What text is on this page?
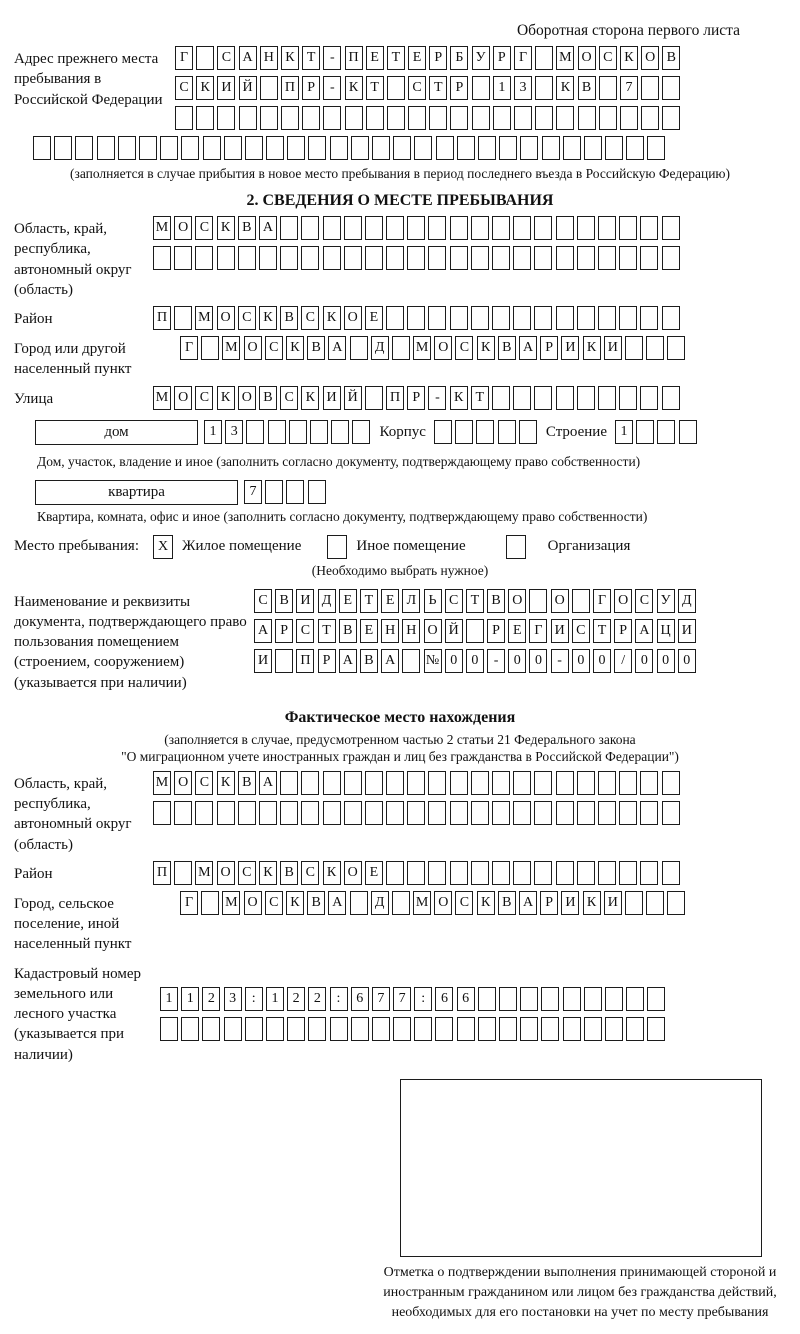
Оборотная сторона первого листа
Адрес прежнего места пребывания в Российской Федерации
Г	С А Н К Т	- П Е Т Е Р Б У Р Г	М О С К О В
С К И Й П Р	-	К Т	С Т Р	1	3	К В	7
(заполняется в случае прибытия в новое место пребывания в период последнего въезда в Российскую Федерацию)
2. СВЕДЕНИЯ О МЕСТЕ ПРЕБЫВАНИЯ
Область, край, республика, автономный округ (область)
М О С К В А
Район	П М О С К В С К О Е
Город или другой населенный пункт
Г	М О С К В А	Д	М О С К В А Р И К И
Улица	М О С К О В С К И Й П Р	-	К Т
дом	1	3	Корпус	Строение 1
Дом, участок, владение и иное (заполнить согласно документу, подтверждающему право собственности)
квартира	7
Квартира, комната, офис и иное (заполнить согласно документу, подтверждающему право собственности)
Место пребывания:	X Жилое помещение	Иное помещение	Организация
(Необходимо выбрать нужное)
Наименование и реквизиты документа, подтверждающего право пользования помещением (строением, сооружением) (указывается при наличии)
С В И Д Е Т Е Л Ь С Т В О О	Г О С У Д
А Р С Т В Е Н Н О Й	Р Е Г И С Т Р А Ц И
И П Р А В А № 0	0	-	0	0	-	0	0	/	0	0	0
Фактическое место нахождения
(заполняется в случае, предусмотренном частью 2 статьи 21 Федерального закона
"О миграционном учете иностранных граждан и лиц без гражданства в Российской Федерации")
Область, край, республика, автономный округ (область)
М О С К В А
Район	П М О С К В С К О Е
Город, сельское поселение, иной населенный пункт
Г	М О С К В А	Д	М О С К В А Р И К И
Кадастровый номер земельного или лесного участка (указывается при наличии)
1	1	2	3	:	1	2	2	:	6	7	7	:	6	6
Отметка о подтверждении выполнения принимающей стороной и иностранным гражданином или лицом без гражданства действий, необходимых для его постановки на учет по месту пребывания
